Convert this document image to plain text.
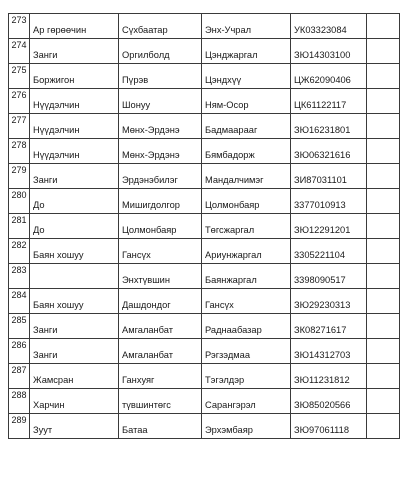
273	Ар гөрөөчин	Сүхбаатар	Энх-Учрал	УК03323084	

274	Занги	Оргилболд	Цэнджаргал	ЗЮ14303100	

275	Боржигон	Пүрэв	Цэндхүү	ЦЖ62090406	

276	Нүүдэлчин	Шонуу	Ням-Осор	ЦК61122117	

277	Нүүдэлчин	Мөнх-Эрдэнэ	Бадмаарааг	ЗЮ16231801	

278	Нүүдэлчин	Мөнх-Эрдэнэ	Бямбадорж	ЗЮ06321616	

279	Занги	Эрдэнэбилэг	Мандалчимэг	ЗИ87031101	

280	До	Мишигдолгор	Цолмонбаяр	3377010913	

281	До	Цолмонбаяр	Төгсжаргал	ЗЮ12291201	

282	Баян хошуу	Гансүх	Ариунжаргал	3305221104	

283		Энхтүвшин	Баянжаргал	3398090517	

284	Баян хошуу	Дашдондог	Гансүх	ЗЮ29230313	

285	Занги	Амгаланбат	Раднаабазар	ЗК08271617	

286	Занги	Амгаланбат	Рэгзэдмаа	ЗЮ14312703	

287	Жамсран	Ганхуяг	Тэгэлдэр	ЗЮ11231812	

288	Харчин	түвшинтөгс	Сарангэрэл	ЗЮ85020566	

289	Зуут	Батаа	Эрхэмбаяр	ЗЮ97061118	
